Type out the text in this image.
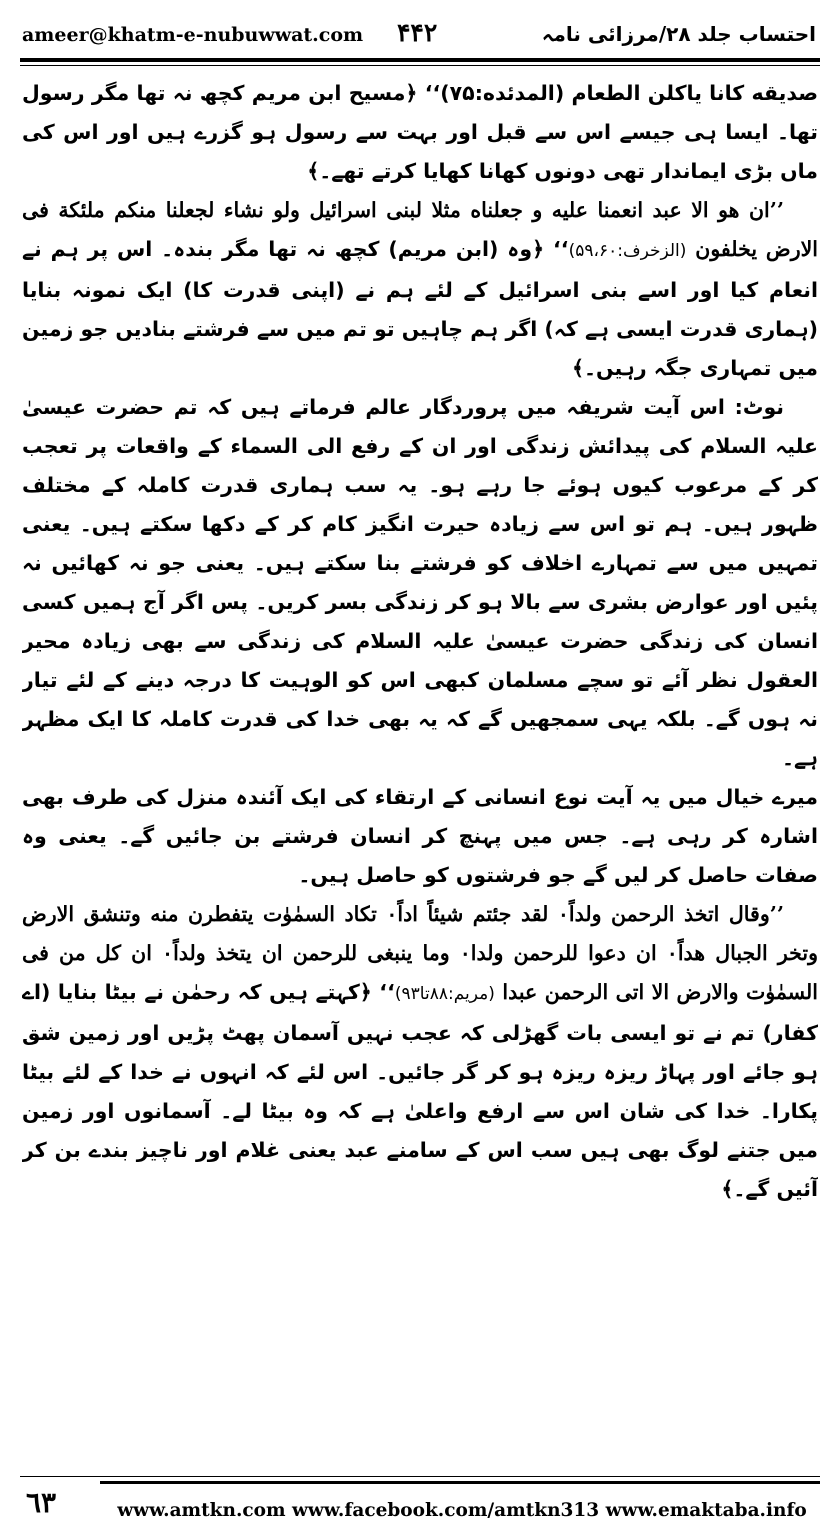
ameer@khatm-e-nubuwwat.com ۴۴۲	احتساب جلد ۲۸/مرزائی نامہ

صدیقه کانا یاکلن الطعام (المدئده:۷۵)‘‘ ﴿مسیح ابن مریم کچھ نہ تھا مگر رسول تھا۔ ایسا ہی جیسے اس سے قبل اور بہت سے رسول ہو گزرے ہیں اور اس کی ماں بڑی ایماندار تھی دونوں کھانا کھایا کرتے تھے۔﴾

’’ان هو الا عبد انعمنا علیه و جعلناه مثلا لبنی اسرائیل ولو نشاء لجعلنا منکم ملئکة فی الارض یخلفون (الزخرف:۵۹،۶۰)‘‘ ﴿وہ (ابن مریم) کچھ نہ تھا مگر بندہ۔ اس پر ہم نے انعام کیا اور اسے بنی اسرائیل کے لئے ہم نے (اپنی قدرت کا) ایک نمونہ بنایا (ہماری قدرت ایسی ہے کہ) اگر ہم چاہیں تو تم میں سے فرشتے بنادیں جو زمین میں تمہاری جگہ رہیں۔﴾

نوٹ: اس آیت شریفہ میں پروردگار عالم فرماتے ہیں کہ تم حضرت عیسیٰ علیہ السلام کی پیدائش زندگی اور ان کے رفع الی السماء کے واقعات پر تعجب کر کے مرعوب کیوں ہوئے جا رہے ہو۔ یہ سب ہماری قدرت کاملہ کے مختلف ظہور ہیں۔ ہم تو اس سے زیادہ حیرت انگیز کام کر کے دکھا سکتے ہیں۔ یعنی تمہیں میں سے تمہارے اخلاف کو فرشتے بنا سکتے ہیں۔ یعنی جو نہ کھائیں نہ پئیں اور عوارض بشری سے بالا ہو کر زندگی بسر کریں۔ پس اگر آج ہمیں کسی انسان کی زندگی حضرت عیسیٰ علیہ السلام کی زندگی سے بھی زیادہ محیر العقول نظر آئے تو سچے مسلمان کبھی اس کو الوہیت کا درجہ دینے کے لئے تیار نہ ہوں گے۔ بلکہ یہی سمجھیں گے کہ یہ بھی خدا کی قدرت کاملہ کا ایک مظہر ہے۔

میرے خیال میں یہ آیت نوع انسانی کے ارتقاء کی ایک آئندہ منزل کی طرف بھی اشارہ کر رہی ہے۔ جس میں پہنچ کر انسان فرشتے بن جائیں گے۔ یعنی وہ صفات حاصل کر لیں گے جو فرشتوں کو حاصل ہیں۔

’’وقال اتخذ الرحمن ولداً۰ لقد جئتم شیئاً اداً۰ تکاد السمٰوٰت یتفطرن منه وتنشق الارض وتخر الجبال هداً۰ ان دعوا للرحمن ولدا۰ وما ینبغی للرحمن ان یتخذ ولداً۰ ان کل من فی السمٰوٰت والارض الا اتی الرحمن عبدا (مریم:۸۸تا۹۳)‘‘ ﴿کہتے ہیں کہ رحمٰن نے بیٹا بنایا (اے کفار) تم نے تو ایسی بات گھڑلی کہ عجب نہیں آسمان پھٹ پڑیں اور زمین شق ہو جائے اور پہاڑ ریزہ ریزہ ہو کر گر جائیں۔ اس لئے کہ انہوں نے خدا کے لئے بیٹا پکارا۔ خدا کی شان اس سے ارفع واعلیٰ ہے کہ وہ بیٹا لے۔ آسمانوں اور زمین میں جتنے لوگ بھی ہیں سب اس کے سامنے عبد یعنی غلام اور ناچیز بندے بن کر آئیں گے۔﴾

٦٣	www.amtkn.com www.facebook.com/amtkn313 www.emaktaba.info
